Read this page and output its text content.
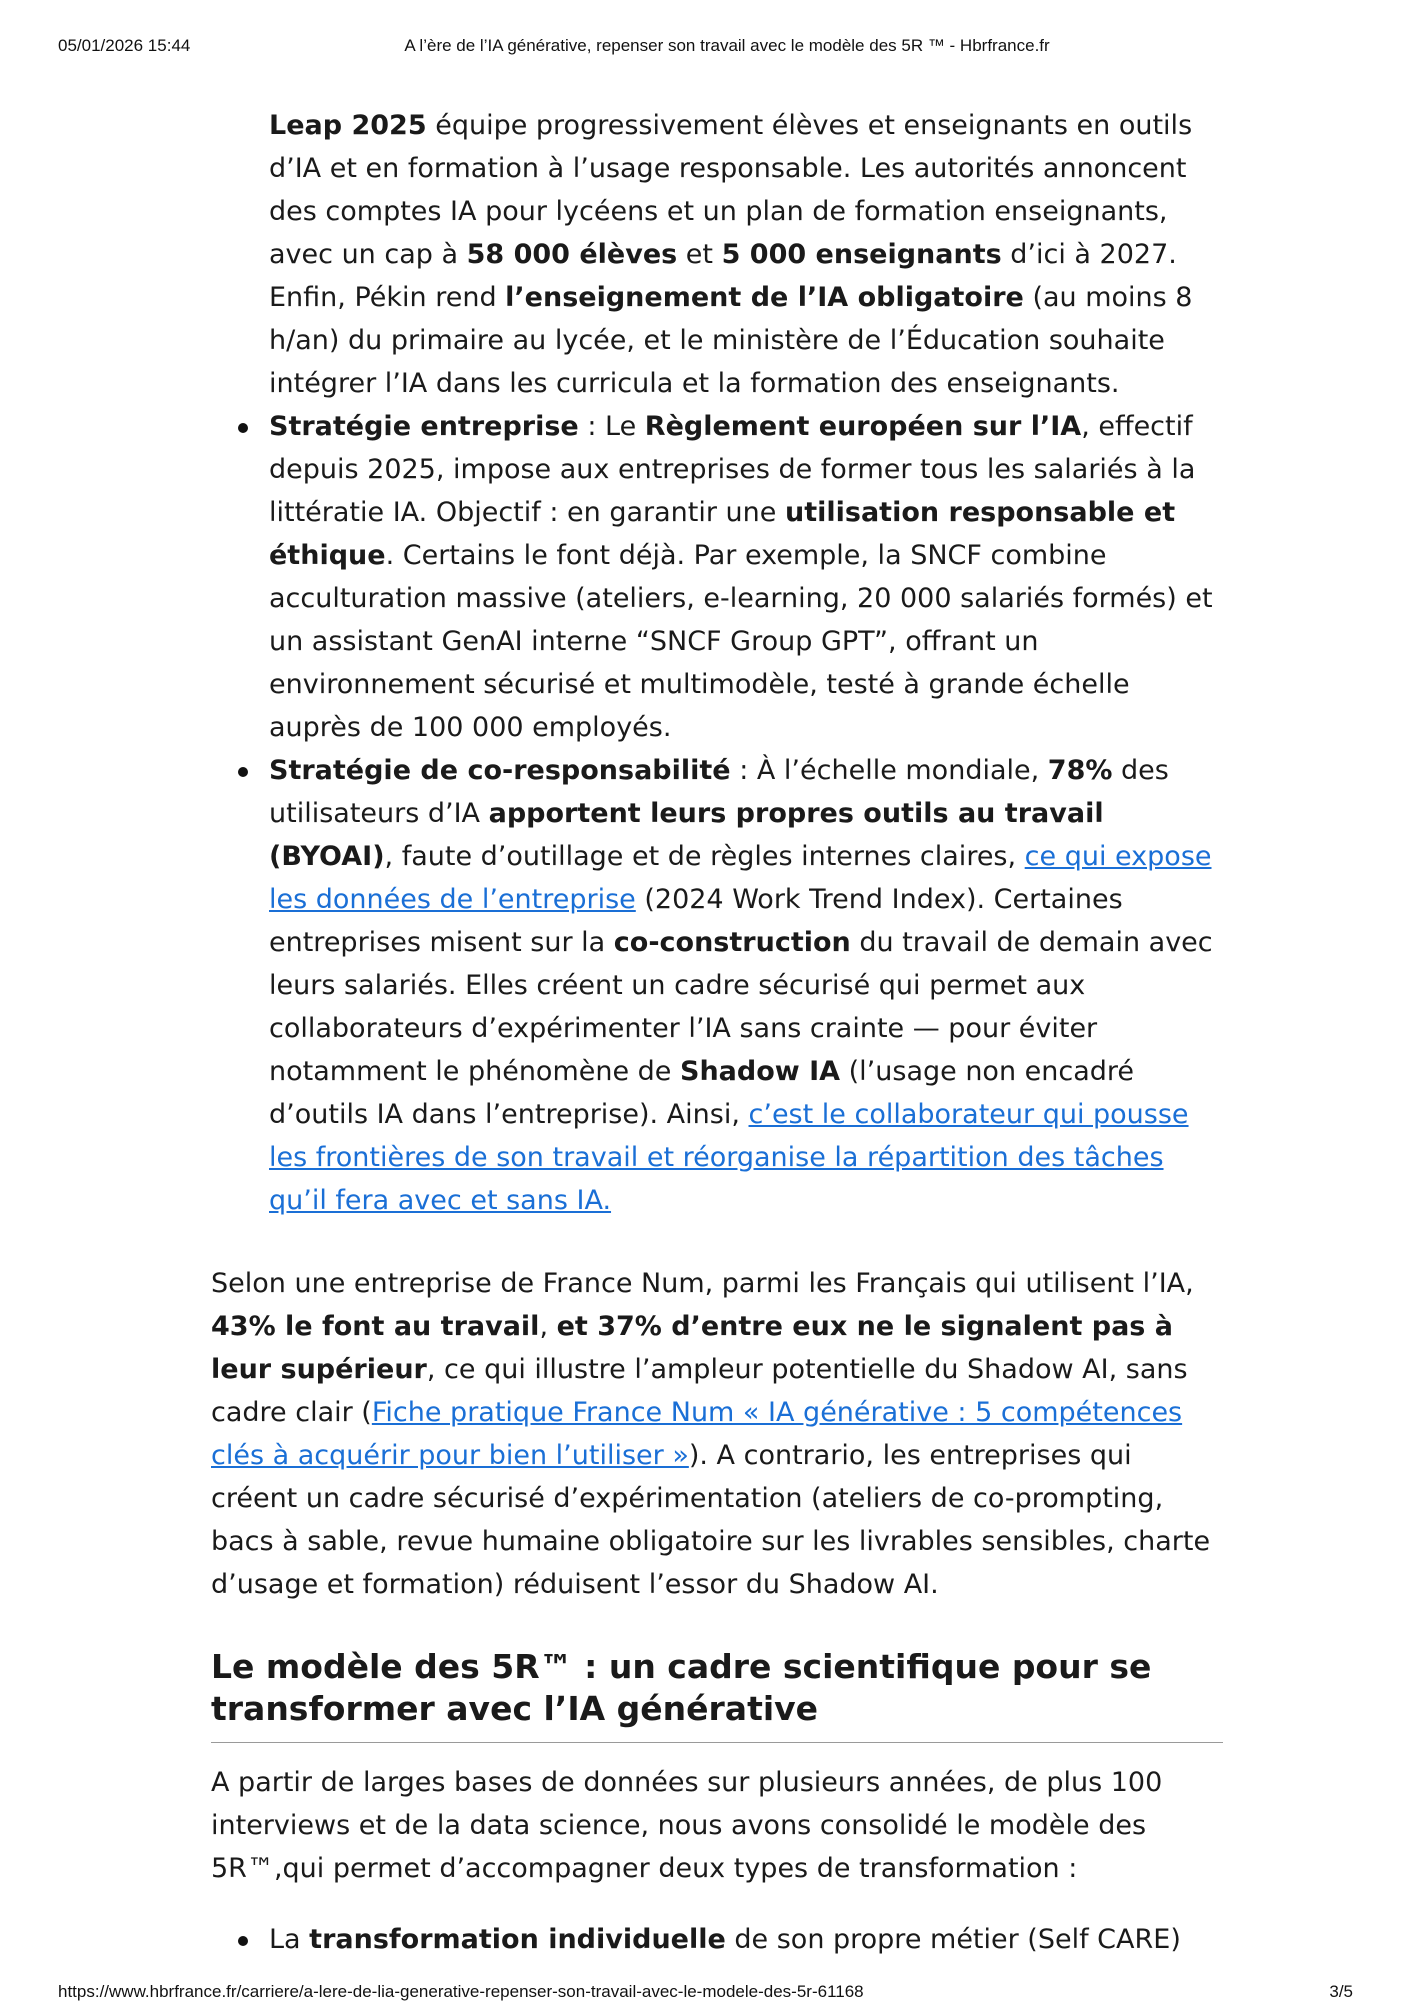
05/01/2026 15:44	A l’ère de l’IA générative, repenser son travail avec le modèle des 5R ™ - Hbrfrance.fr
Leap 2025 équipe progressivement élèves et enseignants en outils d’IA et en formation à l’usage responsable. Les autorités annoncent des comptes IA pour lycéens et un plan de formation enseignants, avec un cap à 58 000 élèves et 5 000 enseignants d’ici à 2027. Enfin, Pékin rend l’enseignement de l’IA obligatoire (au moins 8 h/an) du primaire au lycée, et le ministère de l’Éducation souhaite intégrer l’IA dans les curricula et la formation des enseignants.
Stratégie entreprise : Le Règlement européen sur l’IA, effectif depuis 2025, impose aux entreprises de former tous les salariés à la littératie IA. Objectif : en garantir une utilisation responsable et éthique. Certains le font déjà. Par exemple, la SNCF combine acculturation massive (ateliers, e-learning, 20 000 salariés formés) et un assistant GenAI interne “SNCF Group GPT”, offrant un environnement sécurisé et multimodèle, testé à grande échelle auprès de 100 000 employés.
Stratégie de co-responsabilité : À l’échelle mondiale, 78% des utilisateurs d’IA apportent leurs propres outils au travail (BYOAI), faute d’outillage et de règles internes claires, ce qui expose les données de l’entreprise (2024 Work Trend Index). Certaines entreprises misent sur la co-construction du travail de demain avec leurs salariés. Elles créent un cadre sécurisé qui permet aux collaborateurs d’expérimenter l’IA sans crainte — pour éviter notamment le phénomène de Shadow IA (l’usage non encadré d’outils IA dans l’entreprise). Ainsi, c’est le collaborateur qui pousse les frontières de son travail et réorganise la répartition des tâches qu’il fera avec et sans IA.

Selon une entreprise de France Num, parmi les Français qui utilisent l’IA, 43% le font au travail, et 37% d’entre eux ne le signalent pas à leur supérieur, ce qui illustre l’ampleur potentielle du Shadow AI, sans cadre clair (Fiche pratique France Num « IA générative : 5 compétences clés à acquérir pour bien l’utiliser »). A contrario, les entreprises qui créent un cadre sécurisé d’expérimentation (ateliers de co-prompting, bacs à sable, revue humaine obligatoire sur les livrables sensibles, charte d’usage et formation) réduisent l’essor du Shadow AI.

Le modèle des 5R™ : un cadre scientifique pour se transformer avec l’IA générative

A partir de larges bases de données sur plusieurs années, de plus 100 interviews et de la data science, nous avons consolidé le modèle des 5R™,qui permet d’accompagner deux types de transformation :

La transformation individuelle de son propre métier (Self CARE)
https://www.hbrfrance.fr/carriere/a-lere-de-lia-generative-repenser-son-travail-avec-le-modele-des-5r-61168	3/5
